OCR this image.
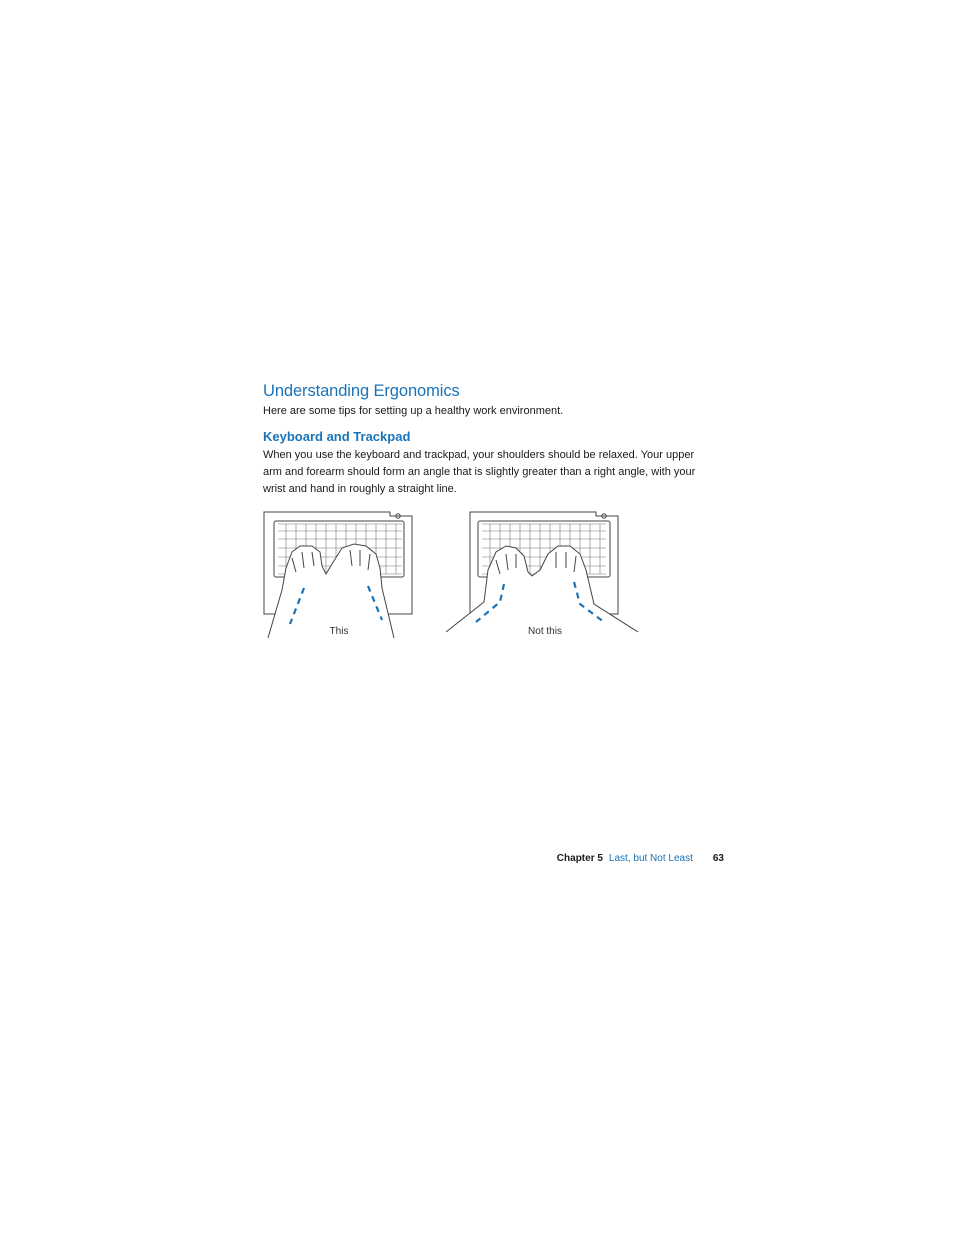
Understanding Ergonomics

Here are some tips for setting up a healthy work environment.

Keyboard and Trackpad

When you use the keyboard and trackpad, your shoulders should be relaxed. Your upper arm and forearm should form an angle that is slightly greater than a right angle, with your wrist and hand in roughly a straight line.

This	Not this
Chapter 5 Last, but Not Least 63
